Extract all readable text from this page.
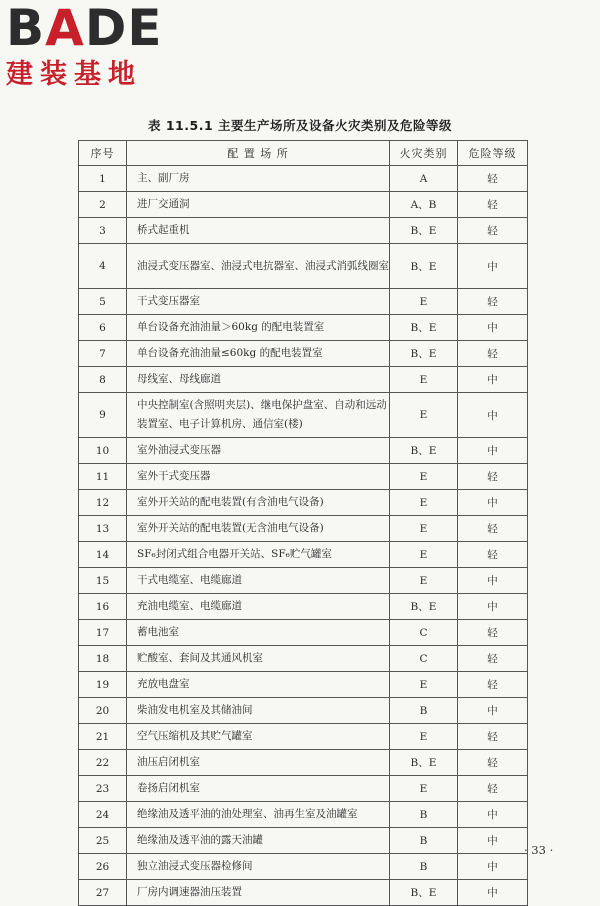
BADE
建装基地
表 11.5.1 主要生产场所及设备火灾类别及危险等级
序号	配 置 场 所	火灾类别	危险等级
1	主、副厂房	A	轻
2	进厂交通洞	A、B	轻
3	桥式起重机	B、E	轻
4	油浸式变压器室、油浸式电抗器室、油浸式消弧线圈室	B、E	中
5	干式变压器室	E	轻
6	单台设备充油油量＞60kg 的配电装置室	B、E	中
7	单台设备充油油量≤60kg 的配电装置室	B、E	轻
8	母线室、母线廊道	E	中
9	中央控制室(含照明夹层)、继电保护盘室、自动和远动装置室、电子计算机房、通信室(楼)	E	中
10	室外油浸式变压器	B、E	中
11	室外干式变压器	E	轻
12	室外开关站的配电装置(有含油电气设备)	E	中
13	室外开关站的配电装置(无含油电气设备)	E	轻
14	SF₆封闭式组合电器开关站、SF₆贮气罐室	E	轻
15	干式电缆室、电缆廊道	E	中
16	充油电缆室、电缆廊道	B、E	中
17	蓄电池室	C	轻
18	贮酸室、套间及其通风机室	C	轻
19	充放电盘室	E	轻
20	柴油发电机室及其储油间	B	中
21	空气压缩机及其贮气罐室	E	轻
22	油压启闭机室	B、E	轻
23	卷扬启闭机室	E	轻
24	绝缘油及透平油的油处理室、油再生室及油罐室	B	中
25	绝缘油及透平油的露天油罐	B	中
26	独立油浸式变压器检修间	B	中
27	厂房内调速器油压装置	B、E	中
· 33 ·
